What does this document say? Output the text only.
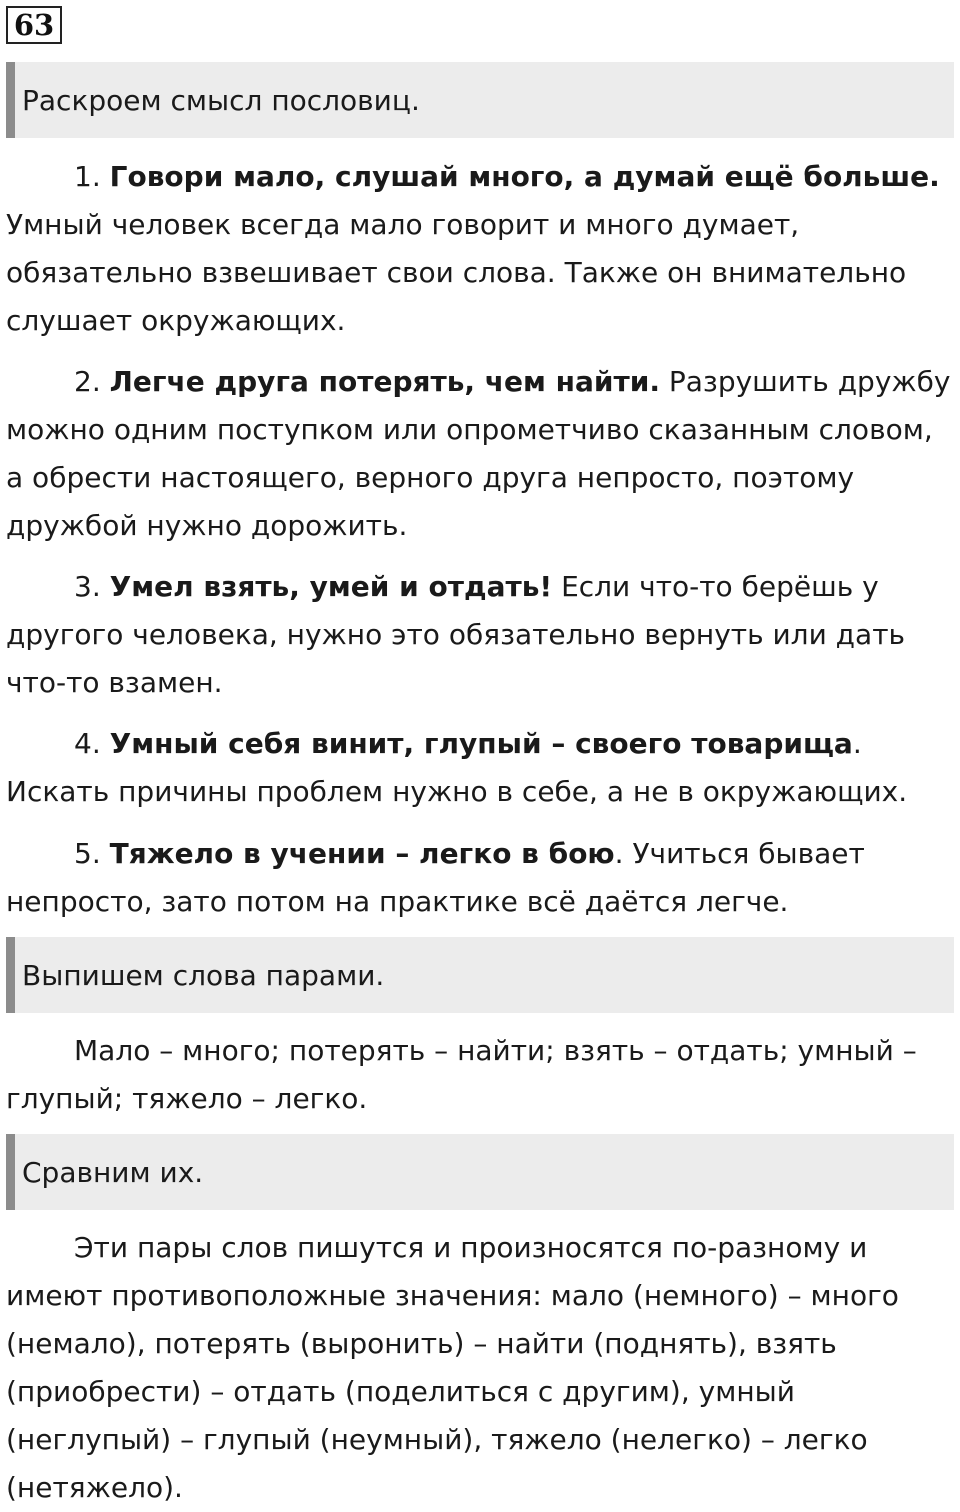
63
Раскроем смысл пословиц.

1. Говори мало, слушай много, а думай ещё больше. Умный человек всегда мало говорит и много думает, обязательно взвешивает свои слова. Также он внимательно слушает окружающих.

2. Легче друга потерять, чем найти. Разрушить дружбу можно одним поступком или опрометчиво сказанным словом, а обрести настоящего, верного друга непросто, поэтому дружбой нужно дорожить.

3. Умел взять, умей и отдать! Если что-то берёшь у другого человека, нужно это обязательно вернуть или дать что-то взамен.

4. Умный себя винит, глупый – своего товарища. Искать причины проблем нужно в себе, а не в окружающих.

5. Тяжело в учении – легко в бою. Учиться бывает непросто, зато потом на практике всё даётся легче.

Выпишем слова парами.

Мало – много; потерять – найти; взять – отдать; умный – глупый; тяжело – легко.

Сравним их.

Эти пары слов пишутся и произносятся по-разному и имеют противоположные значения: мало (немного) – много (немало), потерять (выронить) – найти (поднять), взять (приобрести) – отдать (поделиться с другим), умный (неглупый) – глупый (неумный), тяжело (нелегко) – легко (нетяжело).
